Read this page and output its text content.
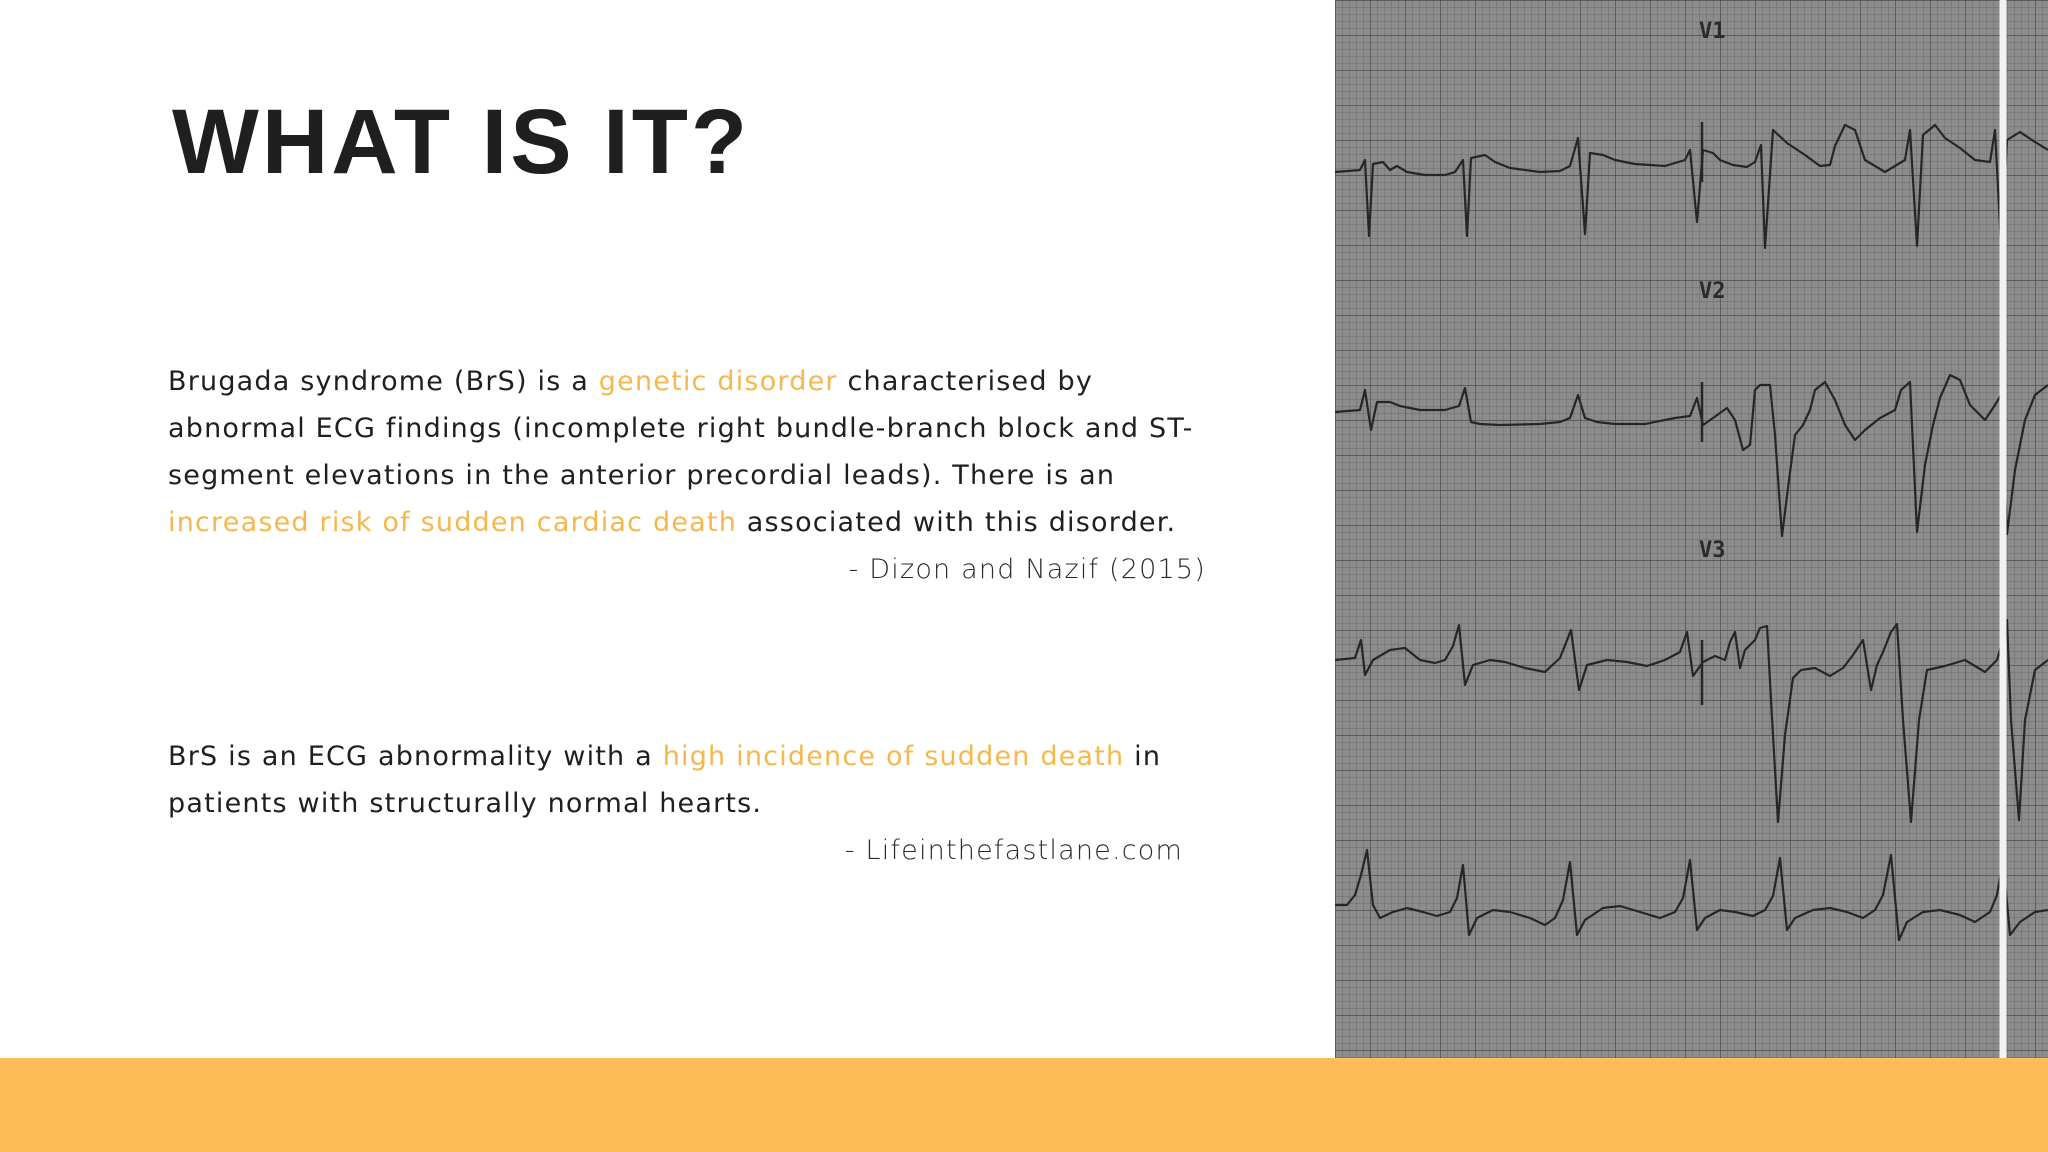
WHAT IS IT?

Brugada syndrome (BrS) is a genetic disorder characterised by abnormal ECG findings (incomplete right bundle-branch block and ST-segment elevations in the anterior precordial leads). There is an increased risk of sudden cardiac death associated with this disorder.

- Dizon and Nazif (2015)

BrS is an ECG abnormality with a high incidence of sudden death in patients with structurally normal hearts.

- Lifeinthefastlane.com

V1
V2
V3
